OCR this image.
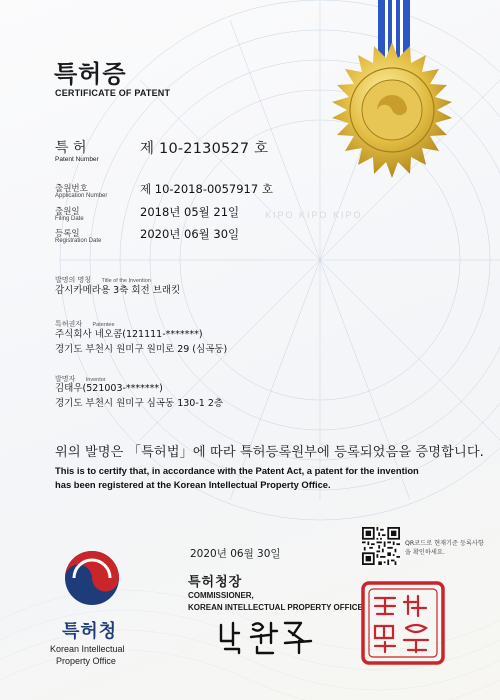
KIPO KIPO KIPO
특허증
CERTIFICATE OF PATENT
특 허
Patent Number
제 10-2130527 호
출원번호
Application Number	제 10-2018-0057917 호
출원일
Filing Date	2018년 05월 21일
등록일
Registration Date	2020년 06월 30일
발명의 명칭 Title of the Invention
감시카메라용 3축 회전 브래킷
특허권자 Patentee
주식회사 네오콤(121111-*******)
경기도 부천시 원미구 원미로 29 (심곡동)
발명자 Inventor
김태우(521003-*******)
경기도 부천시 원미구 심곡동 130-1 2층
위의 발명은 「특허법」에 따라 특허등록원부에 등록되었음을 증명합니다.
This is to certify that, in accordance with the Patent Act, a patent for the invention
has been registered at the Korean Intellectual Property Office.
특허청
Korean Intellectual
Property Office
2020년 06월 30일
특허청장
COMMISSIONER,
KOREAN INTELLECTUAL PROPERTY OFFICE
QR코드로 현재기준 등록사항을 확인하세요.
